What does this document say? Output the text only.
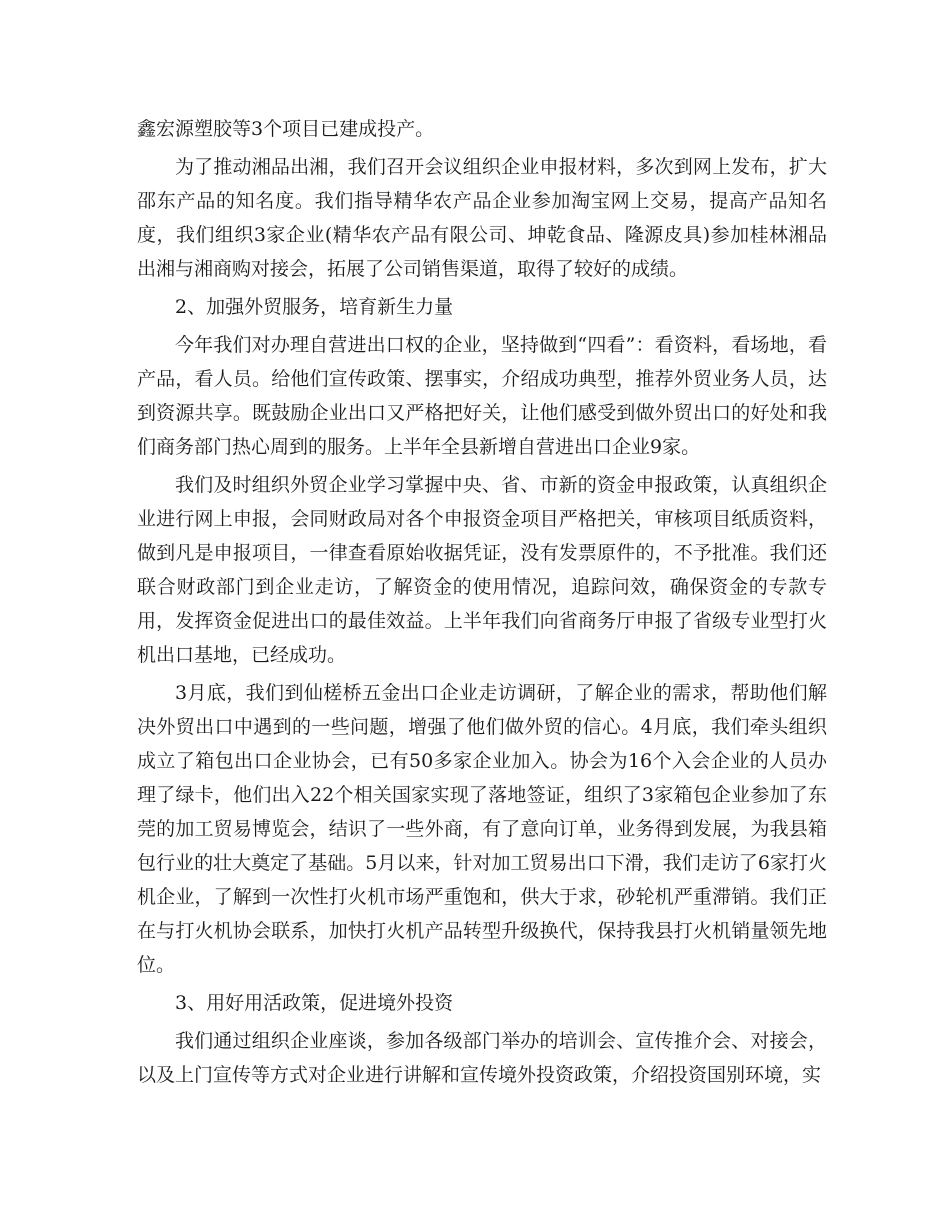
鑫宏源塑胶等3个项目已建成投产。

为了推动湘品出湘，我们召开会议组织企业申报材料，多次到网上发布，扩大邵东产品的知名度。我们指导精华农产品企业参加淘宝网上交易，提高产品知名度，我们组织3家企业(精华农产品有限公司、坤乾食品、隆源皮具)参加桂林湘品出湘与湘商购对接会，拓展了公司销售渠道，取得了较好的成绩。

2、加强外贸服务，培育新生力量

今年我们对办理自营进出口权的企业，坚持做到“四看”：看资料，看场地，看产品，看人员。给他们宣传政策、摆事实，介绍成功典型，推荐外贸业务人员，达到资源共享。既鼓励企业出口又严格把好关，让他们感受到做外贸出口的好处和我们商务部门热心周到的服务。上半年全县新增自营进出口企业9家。

我们及时组织外贸企业学习掌握中央、省、市新的资金申报政策，认真组织企业进行网上申报，会同财政局对各个申报资金项目严格把关，审核项目纸质资料，做到凡是申报项目，一律查看原始收据凭证，没有发票原件的，不予批准。我们还联合财政部门到企业走访，了解资金的使用情况，追踪问效，确保资金的专款专用，发挥资金促进出口的最佳效益。上半年我们向省商务厅申报了省级专业型打火机出口基地，已经成功。

3月底，我们到仙槎桥五金出口企业走访调研，了解企业的需求，帮助他们解决外贸出口中遇到的一些问题，增强了他们做外贸的信心。4月底，我们牵头组织成立了箱包出口企业协会，已有50多家企业加入。协会为16个入会企业的人员办理了绿卡，他们出入22个相关国家实现了落地签证，组织了3家箱包企业参加了东莞的加工贸易博览会，结识了一些外商，有了意向订单，业务得到发展，为我县箱包行业的壮大奠定了基础。5月以来，针对加工贸易出口下滑，我们走访了6家打火机企业，了解到一次性打火机市场严重饱和，供大于求，砂轮机严重滞销。我们正在与打火机协会联系，加快打火机产品转型升级换代，保持我县打火机销量领先地位。

3、用好用活政策，促进境外投资

我们通过组织企业座谈，参加各级部门举办的培训会、宣传推介会、对接会，以及上门宣传等方式对企业进行讲解和宣传境外投资政策，介绍投资国别环境，实
